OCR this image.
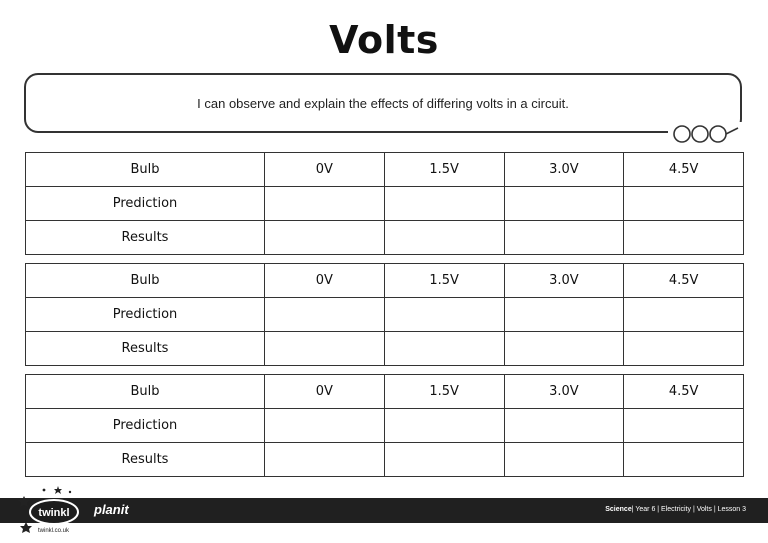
Volts
I can observe and explain the effects of differing volts in a circuit.
Bulb	0V	1.5V	3.0V	4.5V
Prediction				
Results				
Bulb	0V	1.5V	3.0V	4.5V
Prediction				
Results				
Bulb	0V	1.5V	3.0V	4.5V
Prediction				
Results				
twinkl planit
twinkl.co.uk
Science| Year 6 | Electricity | Volts | Lesson 3
